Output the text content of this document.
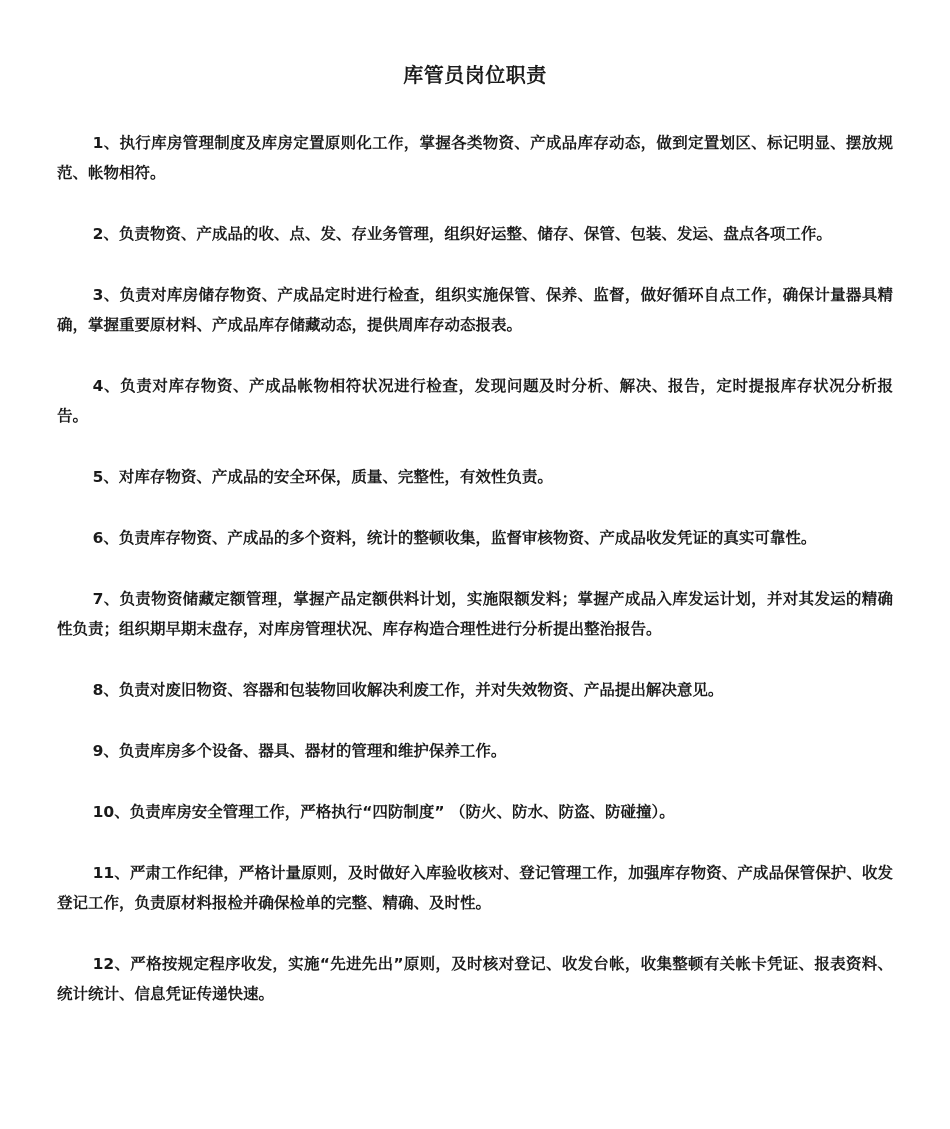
库管员岗位职责

1、执行库房管理制度及库房定置原则化工作，掌握各类物资、产成品库存动态，做到定置划区、标记明显、摆放规范、帐物相符。

2、负责物资、产成品的收、点、发、存业务管理，组织好运整、储存、保管、包装、发运、盘点各项工作。

3、负责对库房储存物资、产成品定时进行检查，组织实施保管、保养、监督，做好循环自点工作，确保计量器具精确，掌握重要原材料、产成品库存储藏动态，提供周库存动态报表。

4、负责对库存物资、产成品帐物相符状况进行检查，发现问题及时分析、解决、报告，定时提报库存状况分析报告。

5、对库存物资、产成品的安全环保，质量、完整性，有效性负责。

6、负责库存物资、产成品的多个资料，统计的整顿收集，监督审核物资、产成品收发凭证的真实可靠性。

7、负责物资储藏定额管理，掌握产品定额供料计划，实施限额发料；掌握产成品入库发运计划，并对其发运的精确性负责；组织期早期末盘存，对库房管理状况、库存构造合理性进行分析提出整治报告。

8、负责对废旧物资、容器和包装物回收解决利废工作，并对失效物资、产品提出解决意见。

9、负责库房多个设备、器具、器材的管理和维护保养工作。

10、负责库房安全管理工作，严格执行“四防制度” （防火、防水、防盗、防碰撞）。

11、严肃工作纪律，严格计量原则，及时做好入库验收核对、登记管理工作，加强库存物资、产成品保管保护、收发登记工作，负责原材料报检并确保检单的完整、精确、及时性。

12、严格按规定程序收发，实施“先进先出”原则，及时核对登记、收发台帐，收集整顿有关帐卡凭证、报表资料、统计统计、信息凭证传递快速。
